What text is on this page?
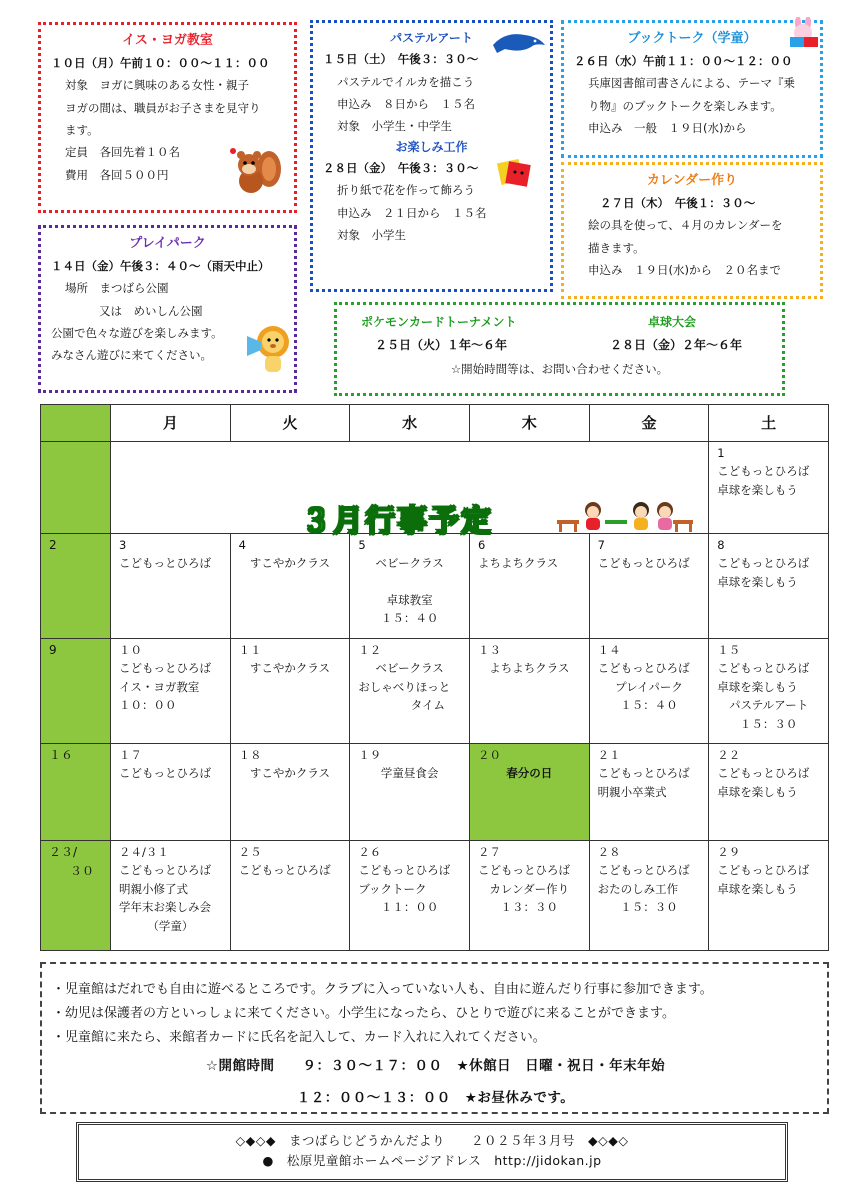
イス・ヨガ教室
１０日（月）午前１０：００～１１：００
対象　ヨガに興味のある女性・親子
ヨガの間は、職員がお子さまを見守り
ます。
定員　各回先着１０名
費用　各回５００円
プレイパーク
１４日（金）午後３：４０～（雨天中止）
場所　まつばら公園
又は　めいしん公園
公園で色々な遊びを楽しみます。
みなさん遊びに来てください。
パステルアート
１５日（土）　午後３：３０～
パステルでイルカを描こう
申込み　８日から　１５名
対象　小学生・中学生
お楽しみ工作
２８日（金）　午後３：３０～
折り紙で花を作って飾ろう
申込み　２１日から　１５名
対象　小学生
ブックトーク（学童）
２６日（水）午前１１：００～１２：００
兵庫図書館司書さんによる、テーマ『乗
り物』のブックトークを楽しみます。
申込み　一般　１９日(水)から
カレンダー作り
２７日（木）　午後１：３０～
絵の具を使って、４月のカレンダーを
描きます。
申込み　１９日(水)から　２０名まで
ポケモンカードトーナメント	卓球大会
２５日（火）１年～６年	２８日（金）２年～６年
☆開始時間等は、お問い合わせください。
	月	火	水	木	金	土

	３月行事予定					1
こどもっとひろば
卓球を楽しもう

2	3
こどもっとひろば	4
すこやかクラス	5
ベビークラス
卓球教室
１５：４０	6
よちよちクラス	7
こどもっとひろば	8
こどもっとひろば
卓球を楽しもう

9	１０
こどもっとひろば
イス・ヨガ教室
１０：００	１１
すこやかクラス	１２
ベビークラス
おしゃべりほっと
タイム	１３
よちよちクラス	１４
こどもっとひろば
プレイパーク
１５：４０	１５
こどもっとひろば
卓球を楽しもう
パステルアート
１５：３０

１６	１７
こどもっとひろば	１８
すこやかクラス	１９
学童昼食会	２０
春分の日	２１
こどもっとひろば
明親小卒業式	２２
こどもっとひろば
卓球を楽しもう

２３/
３０	２４/３１
こどもっとひろば
明親小修了式
学年末お楽しみ会
（学童）	２５
こどもっとひろば	２６
こどもっとひろば
ブックトーク
１１：００	２７
こどもっとひろば
カレンダー作り
１３：３０	２８
こどもっとひろば
おたのしみ工作
１５：３０	２９
こどもっとひろば
卓球を楽しもう
・児童館はだれでも自由に遊べるところです。クラブに入っていない人も、自由に遊んだり行事に参加できます。
・幼児は保護者の方といっしょに来てください。小学生になったら、ひとりで遊びに来ることができます。
・児童館に来たら、来館者カードに氏名を記入して、カード入れに入れてください。
☆開館時間　　９：３０～１７：００　★休館日　日曜・祝日・年末年始
１２：００～１３：００　★お昼休みです。
◇◆◇◆　まつばらじどうかんだより　　２０２５年３月号　◆◇◆◇
●　松原児童館ホームページアドレス　http://jidokan.jp
